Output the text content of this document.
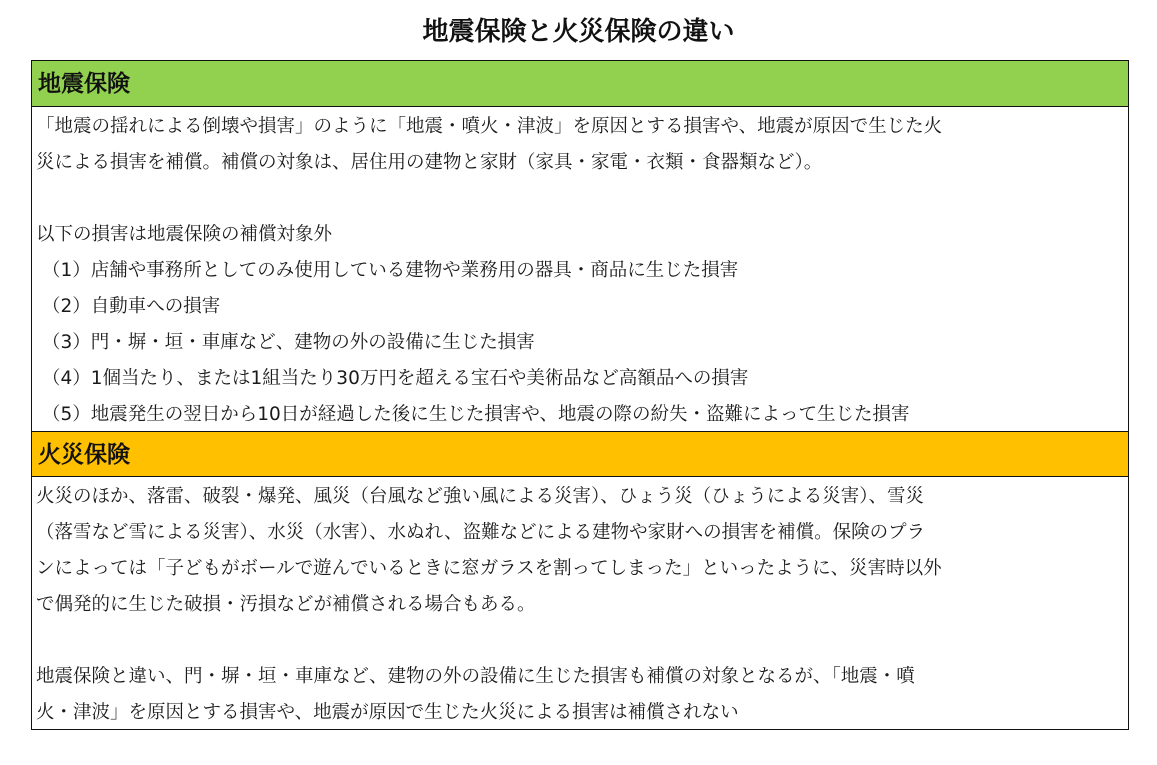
地震保険と火災保険の違い
地震保険

「地震の揺れによる倒壊や損害」のように「地震・噴火・津波」を原因とする損害や、地震が原因で生じた火

災による損害を補償。補償の対象は、居住用の建物と家財（家具・家電・衣類・食器類など）。

以下の損害は地震保険の補償対象外

（1）店舗や事務所としてのみ使用している建物や業務用の器具・商品に生じた損害

（2）自動車への損害

（3）門・塀・垣・車庫など、建物の外の設備に生じた損害

（4）1個当たり、または1組当たり30万円を超える宝石や美術品など高額品への損害

（5）地震発生の翌日から10日が経過した後に生じた損害や、地震の際の紛失・盗難によって生じた損害

火災保険

火災のほか、落雷、破裂・爆発、風災（台風など強い風による災害）、ひょう災（ひょうによる災害）、雪災

（落雪など雪による災害）、水災（水害）、水ぬれ、盗難などによる建物や家財への損害を補償。保険のプラ

ンによっては「子どもがボールで遊んでいるときに窓ガラスを割ってしまった」といったように、災害時以外

で偶発的に生じた破損・汚損などが補償される場合もある。

地震保険と違い、門・塀・垣・車庫など、建物の外の設備に生じた損害も補償の対象となるが、「地震・噴

火・津波」を原因とする損害や、地震が原因で生じた火災による損害は補償されない
